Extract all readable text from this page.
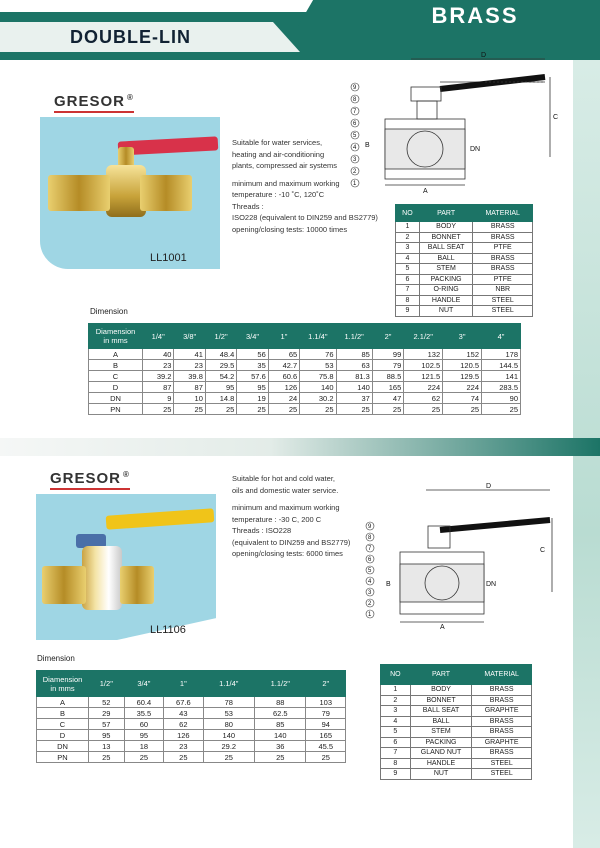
BRASS
DOUBLE-LIN
GRESOR ®
LL1001
Suitable for water services,
heating and air-conditioning
plants, compressed air systems
minimum and maximum working
temperature : -10 ˚C, 120˚C
Threads :
ISO228 (equivalent to DIN259 and BS2779)
opening/closing tests: 10000 times
D
C
B
DN
A
9
8
7
6
5
4
3
2
1
NO	PART	MATERIAL
1	BODY	BRASS
2	BONNET	BRASS
3	BALL SEAT	PTFE
4	BALL	BRASS
5	STEM	BRASS
6	PACKING	PTFE
7	O-RING	NBR
8	HANDLE	STEEL
9	NUT	STEEL
Dimension
Diamension
in mms	1/4"	3/8"	1/2"	3/4"	1"	1.1/4"	1.1/2"	2"	2.1/2"	3"	4"
A	40	41	48.4	56	65	76	85	99	132	152	178
B	23	23	29.5	35	42.7	53	63	79	102.5	120.5	144.5
C	39.2	39.8	54.2	57.6	60.6	75.8	81.3	88.5	121.5	129.5	141
D	87	87	95	95	126	140	140	165	224	224	283.5
DN	9	10	14.8	19	24	30.2	37	47	62	74	90
PN	25	25	25	25	25	25	25	25	25	25	25
GRESOR ®
LL1106
Suitable for hot and cold water,
oils and domestic water service.
minimum and maximum working
temperature : -30 C, 200 C
Threads : ISO228
(equivalent to DIN259 and BS2779)
opening/closing tests: 6000 times
D
C
B	DN
A
9
8
7
6
5
4
3
2
1
Dimension
Diamension
in mms	1/2"	3/4"	1"	1.1/4"	1.1/2"	2"
A	52	60.4	67.6	78	88	103
B	29	35.5	43	53	62.5	79
C	57	60	62	80	85	94
D	95	95	126	140	140	165
DN	13	18	23	29.2	36	45.5
PN	25	25	25	25	25	25
NO	PART	MATERIAL
1	BODY	BRASS
2	BONNET	BRASS
3	BALL SEAT	GRAPHTE
4	BALL	BRASS
5	STEM	BRASS
6	PACKING	GRAPHTE
7	GLAND NUT	BRASS
8	HANDLE	STEEL
9	NUT	STEEL
